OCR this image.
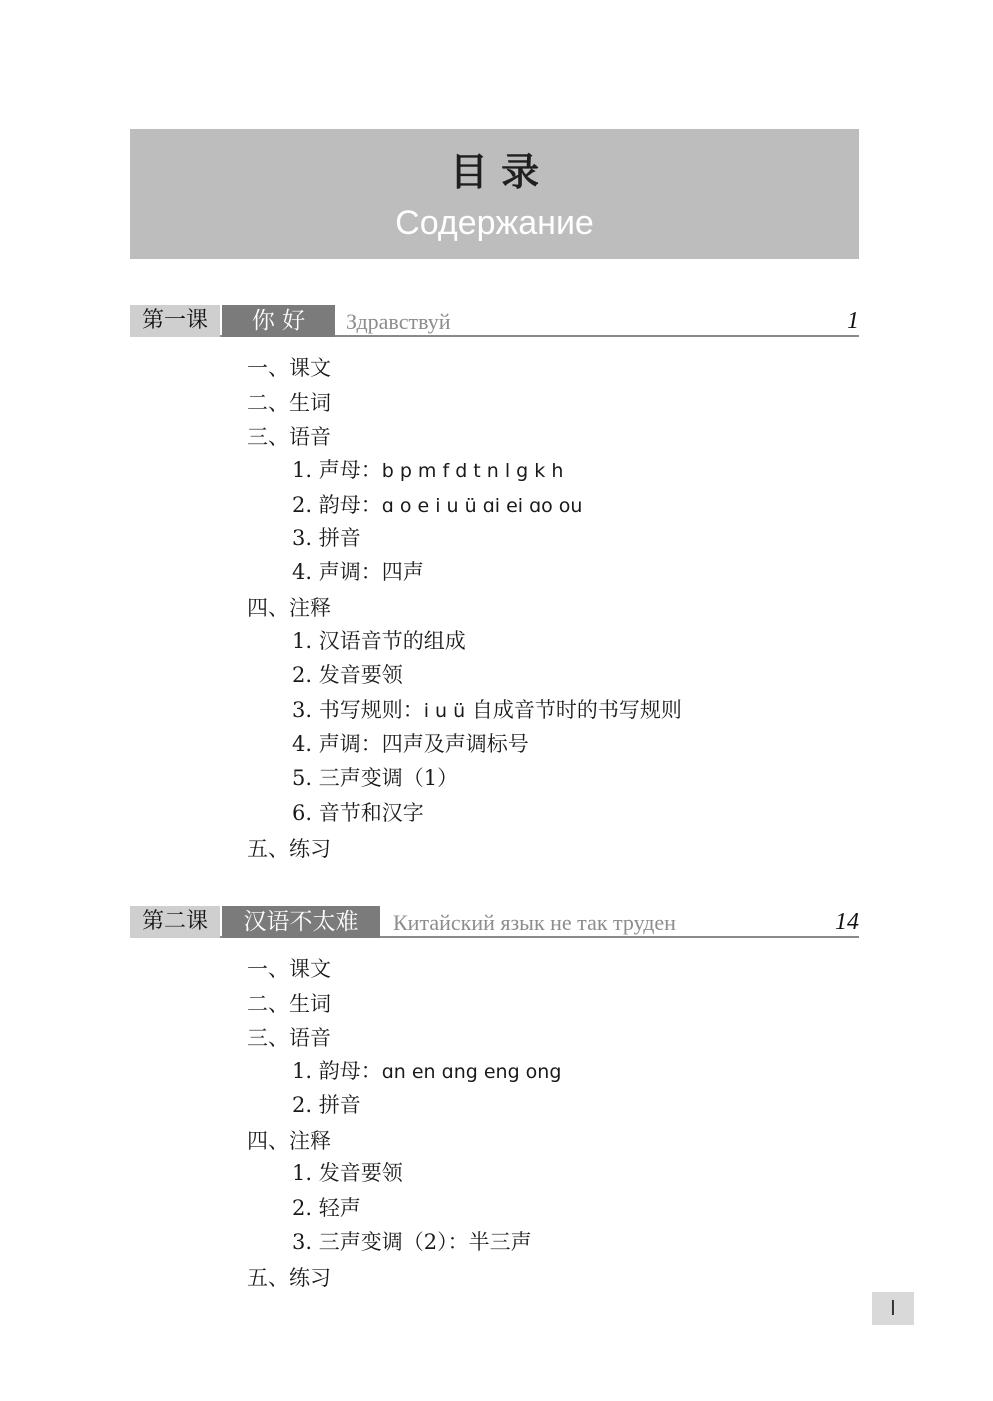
目 录
Содержание
第一课	你 好	Здравствуй	1
一、课文
二、生词
三、语音
1. 声母：b p m f d t n l g k h
2. 韵母：ɑ o e i u ü ɑi ei ɑo ou
3. 拼音
4. 声调：四声
四、注释
1. 汉语音节的组成
2. 发音要领
3. 书写规则：i u ü 自成音节时的书写规则
4. 声调：四声及声调标号
5. 三声变调（1）
6. 音节和汉字
五、练习
第二课	汉语不太难	Китайский язык не так труден	14
一、课文
二、生词
三、语音
1. 韵母：ɑn en ɑng eng ong
2. 拼音
四、注释
1. 发音要领
2. 轻声
3. 三声变调（2）：半三声
五、练习
I
